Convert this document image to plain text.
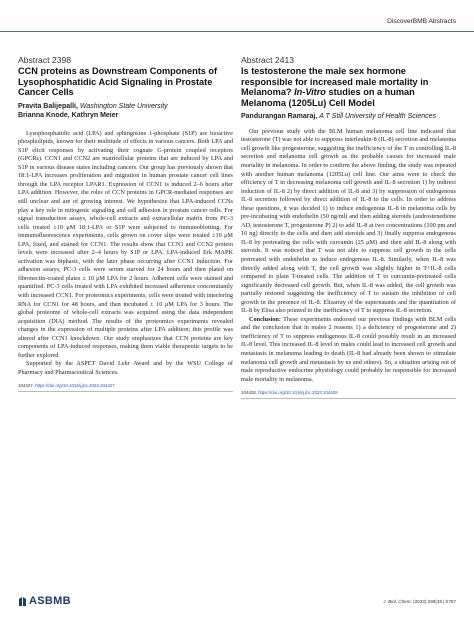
DiscoverBMB Abstracts

Abstract 2398

CCN proteins as Downstream Components of Lysophosphatidic Acid Signaling in Prostate Cancer Cells

Pravita Balijepalli, Washington State University

Brianna Knode, Kathryn Meier

Lysophosphatidic acid (LPA) and sphingosine 1-phosphate (S1P) are bioactive phospholipids, known for their multitude of effects in various cancers. Both LPA and S1P elicit responses by activating their cognate G-protein coupled receptors (GPCRs). CCN1 and CCN2 are matricellular proteins that are induced by LPA and S1P in various disease states including cancers. Our group has previously shown that 18:1-LPA increases proliferation and migration in human prostate cancer cell lines through the LPA receptor LPAR1. Expression of CCN1 is induced 2–6 hours after LPA addition. However, the roles of CCN proteins in GPCR-mediated responses are still unclear and are of growing interest. We hypothesize that LPA-induced CCNs play a key role in mitogenic signaling and cell adhesion in prostate cancer cells. For signal transduction assays, whole-cell extracts and extracellular matrix from PC-3 cells treated ±10 μM 18:1-LPA or S1P were subjected to immunoblotting. For immunofluorescence experiments, cells grown on cover slips were treated ±10 μM LPA, fixed, and stained for CCN1. The results show that CCN1 and CCN2 protein levels were increased after 2–4 hours by S1P or LPA. LPA-induced Erk MAPK activation was biphasic, with the later phase occurring after CCN1 induction. For adhesion assays, PC-3 cells were serum starved for 24 hours and then plated on fibronectin-coated plates ± 10 μM LPA for 2 hours. Adherent cells were stained and quantified. PC-3 cells treated with LPA exhibited increased adherence concomitantly with increased CCN1. For proteomics experiments, cells were treated with interfering RNA for CCN1 for 48 hours, and then incubated ± 10 μM LPA for 3 hours. The global proteome of whole-cell extracts was acquired using the data independent acquisition (DIA) method. The results of the proteomics experiments revealed changes in the expression of multiple proteins after LPA addition; this profile was altered after CCN1 knockdown. Our study emphasizes that CCN proteins are key components of LPA-induced responses, making them viable therapeutic targets to be further explored.

Supported by the ASPET David Lehr Award and by the WSU College of Pharmacy and Pharmaceutical Sciences.

104427. https://doi.org/10.1016/j.jbc.2023.104427

Abstract 2413

Is testosterone the male sex hormone responsible for increased male mortality in Melanoma? In-Vitro studies on a human Melanoma (1205Lu) Cell Model

Pandurangan Ramaraj, A T Still University of Health Sciences

Our previous study with the BLM human melanoma cell line indicated that testosterone (T) was not able to suppress interleukin-8 (IL-8) secretion and melanoma cell growth like progesterone, suggesting the inefficiency of the T in controlling IL-8 secretion and melanoma cell growth as the probable causes for increased male mortality in melanoma. In order to confirm the above finding, the study was repeated with another human melanoma (1205Lu) cell line. Our aims were to check the efficiency of T in decreasing melanoma cell growth and IL-8 secretion 1) by indirect induction of IL-8 2) by direct addition of IL-8 and 3) by suppression of endogenous IL-8 secretion followed by direct addition of IL-8 to the cells. In order to address these questions, it was decided 1) to induce endogenous IL-8 in melanoma cells by pre-incubating with endothelin (50 ng/ml) and then adding steroids (androstenedione AD, testosterone T, progesterone P) 2) to add IL-8 at two concentrations (100 pm and 10 ng) directly to the cells and then add steroids and 3) finally suppress endogenous IL-8 by pretreating the cells with curcumin (25 μM) and then add IL-8 along with steroids. It was noticed that T was not able to suppress cell growth in the cells pretreated with endothelin to induce endogenous IL-8. Similarly, when IL-8 was directly added along with T, the cell growth was slightly higher in T+IL-8 cells compared to plain T-treated cells. The addition of T to curcumin-pretreated cells significantly decreased cell growth. But, when IL-8 was added, the cell growth was partially restored suggesting the inefficiency of T to sustain the inhibition of cell growth in the presence of IL-8. Elisarray of the supernatants and the quantitation of IL-8 by Elisa also pointed to the inefficiency of T to suppress IL-8 secretion.

Conclusion: These experiments endorsed our previous findings with BLM cells and the conclusion that in males 2 reasons 1) a deficiency of progesterone and 2) inefficiency of T to suppress endogenous IL-8 could possibly result in an increased IL-8 level. This increased IL-8 level in males could lead to increased cell growth and metastasis in melanoma leading to death (IL-8 had already been shown to stimulate melanoma cell growth and metastasis by us and others). So, a situation arising out of male reproductive endocrine physiology could probably be responsible for increased male mortality in melanoma.

104428. https://doi.org/10.1016/j.jbc.2023.104428
ASBMB	J. Biol. Chem. (2023) 299(3S) S787
